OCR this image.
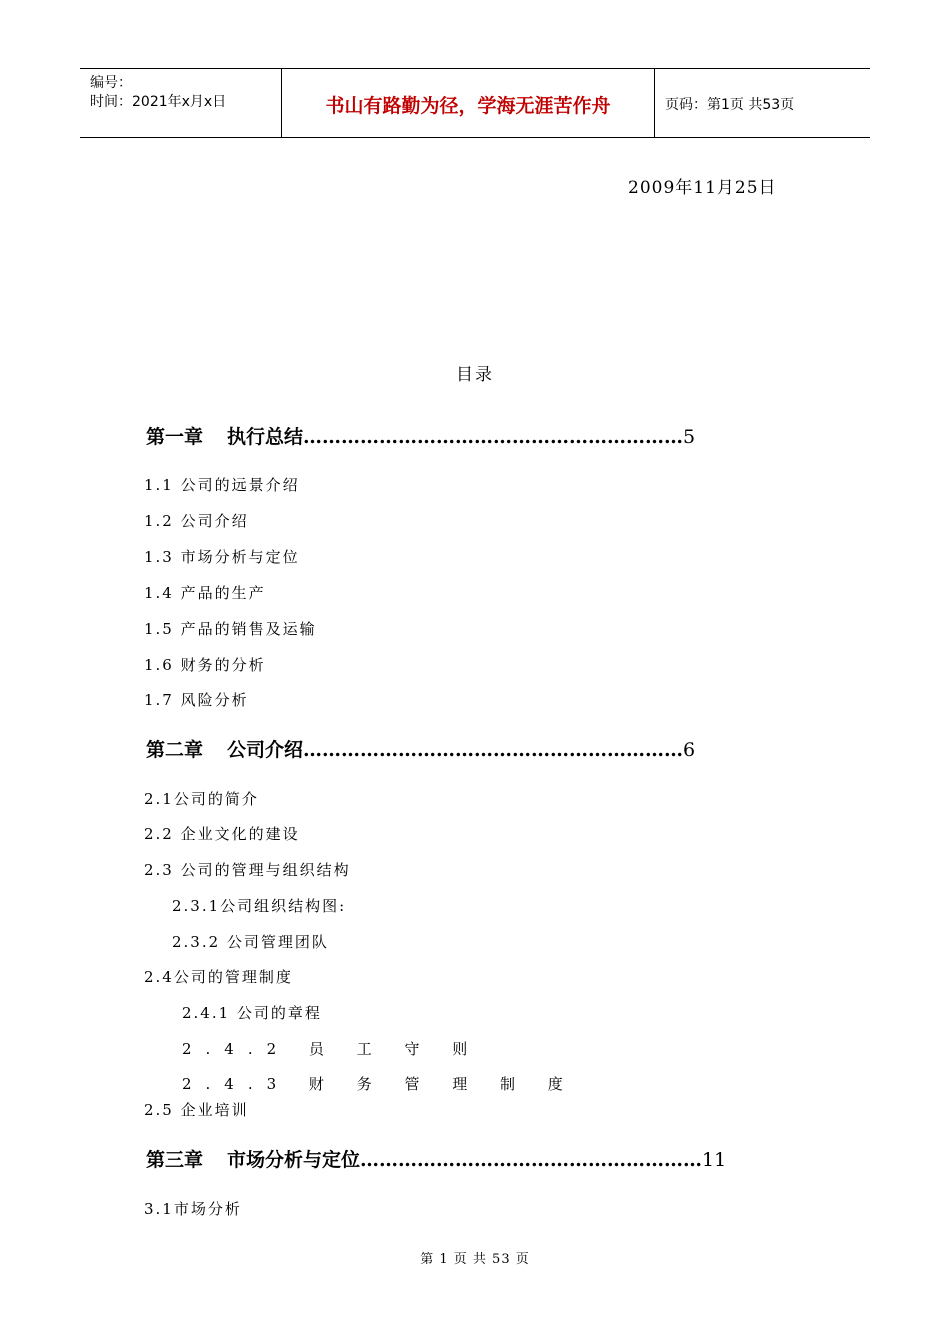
编号：
时间：2021年x月x日	书山有路勤为径，学海无涯苦作舟	页码：第1页 共53页
2009年11月25日
目录
第一章 执行总结……………………………………………………5
1.1 公司的远景介绍
1.2 公司介绍
1.3 市场分析与定位
1.4 产品的生产
1.5 产品的销售及运输
1.6 财务的分析
1.7 风险分析
第二章 公司介绍……………………………………………………6
2.1公司的简介
2.2 企业文化的建设
2.3 公司的管理与组织结构
2.3.1公司组织结构图:
2.3.2 公司管理团队
2.4公司的管理制度
2.4.1 公司的章程
2.4.2 员 工 守 则
2.4.3 财 务 管 理 制 度
2.5 企业培训
第三章 市场分析与定位………………………………………………11
3.1市场分析
第 1 页 共 53 页
